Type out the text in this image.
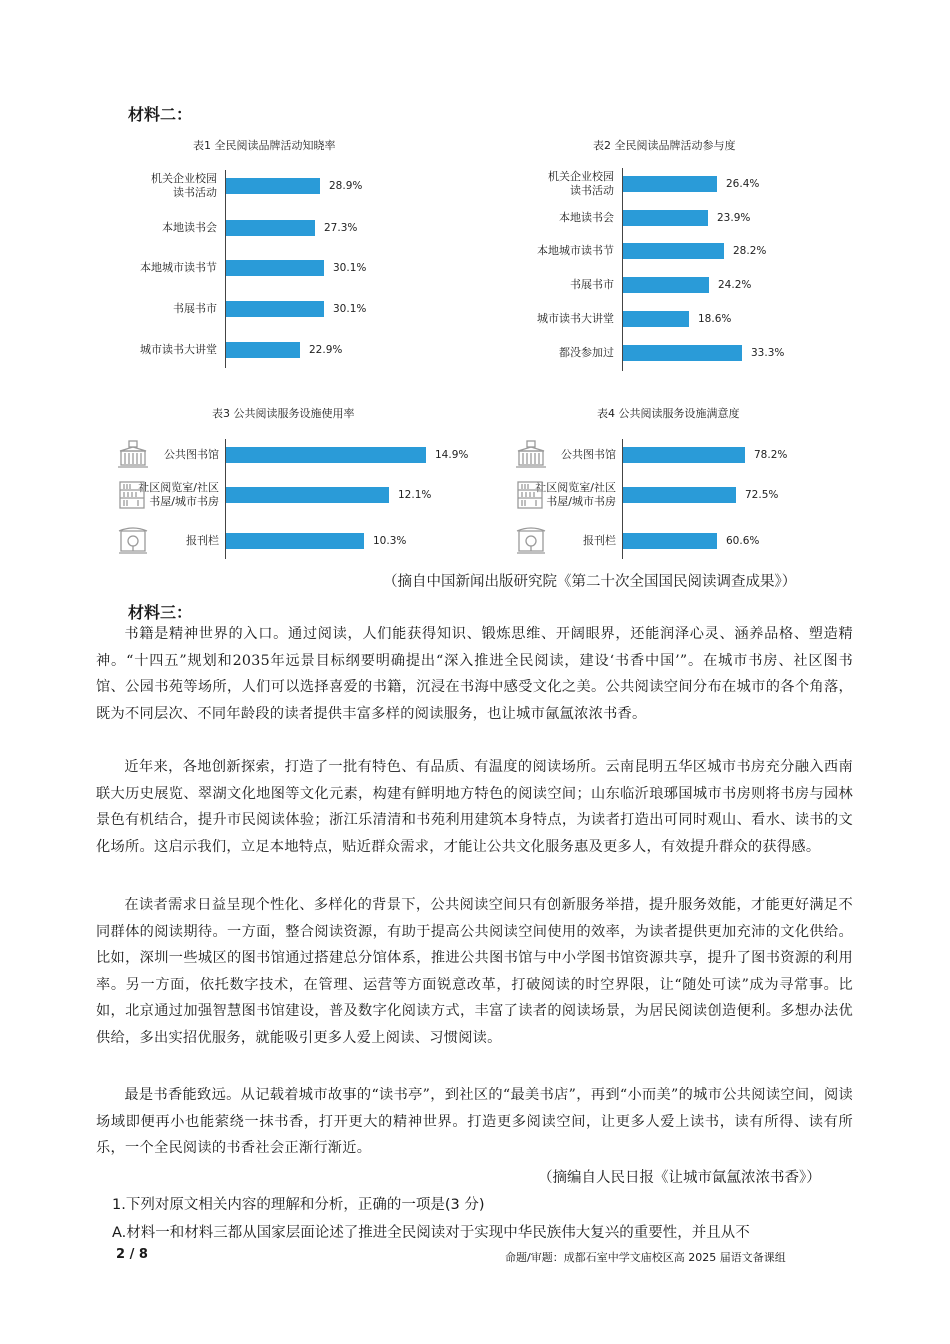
材料二：
（摘自中国新闻出版研究院《第二十次全国国民阅读调查成果》）
材料三：
书籍是精神世界的入口。通过阅读，人们能获得知识、锻炼思维、开阔眼界，还能润泽心灵、涵养品格、塑造精神。“十四五”规划和2035年远景目标纲要明确提出“深入推进全民阅读，建设‘书香中国’”。在城市书房、社区图书馆、公园书苑等场所，人们可以选择喜爱的书籍，沉浸在书海中感受文化之美。公共阅读空间分布在城市的各个角落，既为不同层次、不同年龄段的读者提供丰富多样的阅读服务，也让城市氤氲浓浓书香。
近年来，各地创新探索，打造了一批有特色、有品质、有温度的阅读场所。云南昆明五华区城市书房充分融入西南联大历史展览、翠湖文化地图等文化元素，构建有鲜明地方特色的阅读空间；山东临沂琅琊国城市书房则将书房与园林景色有机结合，提升市民阅读体验；浙江乐清清和书苑利用建筑本身特点，为读者打造出可同时观山、看水、读书的文化场所。这启示我们，立足本地特点，贴近群众需求，才能让公共文化服务惠及更多人，有效提升群众的获得感。
在读者需求日益呈现个性化、多样化的背景下，公共阅读空间只有创新服务举措，提升服务效能，才能更好满足不同群体的阅读期待。一方面，整合阅读资源，有助于提高公共阅读空间使用的效率，为读者提供更加充沛的文化供给。比如，深圳一些城区的图书馆通过搭建总分馆体系，推进公共图书馆与中小学图书馆资源共享，提升了图书资源的利用率。另一方面，依托数字技术，在管理、运营等方面锐意改革，打破阅读的时空界限，让“随处可读”成为寻常事。比如，北京通过加强智慧图书馆建设，普及数字化阅读方式，丰富了读者的阅读场景，为居民阅读创造便利。多想办法优供给，多出实招优服务，就能吸引更多人爱上阅读、习惯阅读。
最是书香能致远。从记载着城市故事的“读书亭”，到社区的“最美书店”，再到“小而美”的城市公共阅读空间，阅读场域即便再小也能萦绕一抹书香，打开更大的精神世界。打造更多阅读空间，让更多人爱上读书，读有所得、读有所乐，一个全民阅读的书香社会正渐行渐近。
（摘编自人民日报《让城市氤氲浓浓书香》）
1.下列对原文相关内容的理解和分析，正确的一项是(3 分)
A.材料一和材料三都从国家层面论述了推进全民阅读对于实现中华民族伟大复兴的重要性，并且从不
2 / 8	命题/审题：成都石室中学文庙校区高 2025 届语文备课组
表1 全民阅读品牌活动知晓率
机关企业校园
读书活动	28.9%
本地读书会	27.3%
本地城市读书节	30.1%
书展书市	30.1%
城市读书大讲堂	22.9%
表2 全民阅读品牌活动参与度
机关企业校园
读书活动	26.4%
本地读书会	23.9%
本地城市读书节	28.2%
书展书市	24.2%
城市读书大讲堂	18.6%
都没参加过	33.3%
表3 公共阅读服务设施使用率
公共图书馆	14.9%
社区阅览室/社区
书屋/城市书房	12.1%
报刊栏	10.3%
表4 公共阅读服务设施满意度
公共图书馆	78.2%
社区阅览室/社区
书屋/城市书房	72.5%
报刊栏	60.6%
